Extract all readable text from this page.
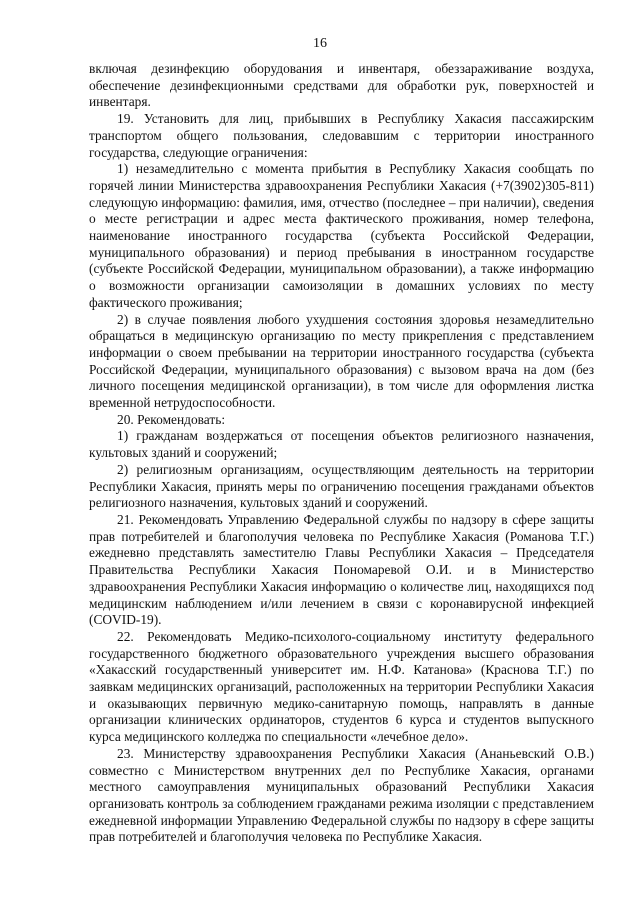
16

включая дезинфекцию оборудования и инвентаря, обеззараживание воздуха, обеспечение дезинфекционными средствами для обработки рук, поверхностей и инвентаря.

19. Установить для лиц, прибывших в Республику Хакасия пассажирским транспортом общего пользования, следовавшим с территории иностранного государства, следующие ограничения:

1) незамедлительно с момента прибытия в Республику Хакасия сообщать по горячей линии Министерства здравоохранения Республики Хакасия (+7(3902)305-811) следующую информацию: фамилия, имя, отчество (последнее – при наличии), сведения о месте регистрации и адрес места фактического проживания, номер телефона, наименование иностранного государства (субъекта Российской Федерации, муниципального образования) и период пребывания в иностранном государстве (субъекте Российской Федерации, муниципальном образовании), а также информацию о возможности организации самоизоляции в домашних условиях по месту фактического проживания;

2) в случае появления любого ухудшения состояния здоровья незамедлительно обращаться в медицинскую организацию по месту прикрепления с представлением информации о своем пребывании на территории иностранного государства (субъекта Российской Федерации, муниципального образования) с вызовом врача на дом (без личного посещения медицинской организации), в том числе для оформления листка временной нетрудоспособности.

20. Рекомендовать:

1) гражданам воздержаться от посещения объектов религиозного назначения, культовых зданий и сооружений;

2) религиозным организациям, осуществляющим деятельность на территории Республики Хакасия, принять меры по ограничению посещения гражданами объектов религиозного назначения, культовых зданий и сооружений.

21. Рекомендовать Управлению Федеральной службы по надзору в сфере защиты прав потребителей и благополучия человека по Республике Хакасия (Романова Т.Г.) ежедневно представлять заместителю Главы Республики Хакасия – Председателя Правительства Республики Хакасия Пономаревой О.И. и в Министерство здравоохранения Республики Хакасия информацию о количестве лиц, находящихся под медицинским наблюдением и/или лечением в связи с коронавирусной инфекцией (COVID-19).

22. Рекомендовать Медико-психолого-социальному институту федерального государственного бюджетного образовательного учреждения высшего образования «Хакасский государственный университет им. Н.Ф. Катанова» (Краснова Т.Г.) по заявкам медицинских организаций, расположенных на территории Республики Хакасия и оказывающих первичную медико-санитарную помощь, направлять в данные организации клинических ординаторов, студентов 6 курса и студентов выпускного курса медицинского колледжа по специальности «лечебное дело».

23. Министерству здравоохранения Республики Хакасия (Ананьевский О.В.) совместно с Министерством внутренних дел по Республике Хакасия, органами местного самоуправления муниципальных образований Республики Хакасия организовать контроль за соблюдением гражданами режима изоляции с представлением ежедневной информации Управлению Федеральной службы по надзору в сфере защиты прав потребителей и благополучия человека по Республике Хакасия.
